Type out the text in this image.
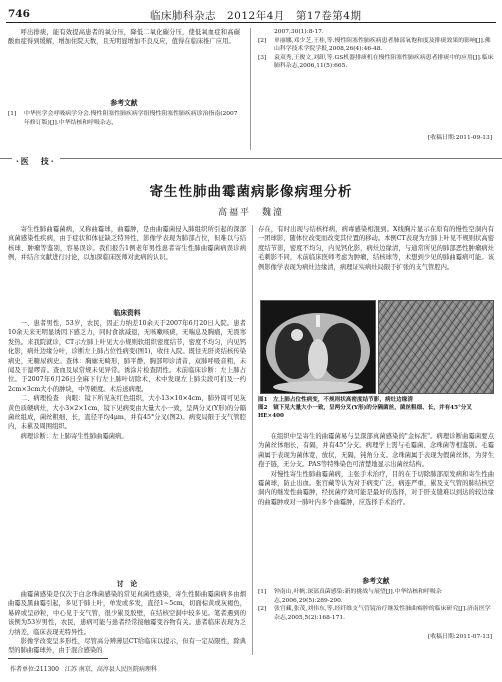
746	临床肺科杂志　2012年4月　第17卷第4期

呼出排痰，能有效提高患者的氧分压，降低二氧化碳分压，使低氧血症和高碳酸血症得到缓解，增加住院天数，且无明显增加不良反应，值得在临床推广应用。

参考文献
[1]	中华医学会呼吸病学分会.慢性阻塞性肺疾病学组慢性阻塞性肺疾病诊治指南(2007年修订版)[J].中华结核和呼吸杂志,
2007,30(1):8-17.
[2]	单丽娜,邓少芝,王桂,等.慢性阻塞性肺疾病患者肺部氧饱和度及排痰效果的影响[J].佛山科学技术学院学报,2008,26(4):46-48.
[3]	袁双秀,王俊文,刘卸,等.GS机器排痰机在慢性阻塞性肺疾病患者排痰中的应用[J].临床肺科杂志,2006,11(5):665.
[收稿日期:2011-09-13]
·医　技·
寄生性肺曲霉菌病影像病理分析
高福平　魏潼

寄生性肺曲霉菌病，又称曲霉球，曲霉肿，是由曲霉菌侵入肺组织所引起的深部真菌感染性疾病，由于症状和体征缺乏特异性，影像学表现为肺部占位，但难以与结核球、肿瘤等鉴别，容易误诊。我们报告1例老年男性患者寄生性肺曲霉菌病误诊病例，并结合文献进行讨论，以加深临床医师对此病的认识。

临床资料

一、患者男性，53岁，农民，因正力纳差10余天于2007年6月20日入院。患者10余天来无明显诱因下感乏力，同时食欲减退，无咳嗽咳痰，无喘息及胸痛，无畏寒发热。来我院就诊，CT示左肺上叶见大小规则软组织密度结节，密度不均匀，内见钙化影，病灶边缘分叶，诊断左上肺占位性病变(图1)，收住入院。既往无肝炎结核传染病史，无糖尿病史。查体：胸廓无畸形，肺平静，胸部叩诊清音，双肺呼吸音粗，未闻及干湿啰音。查血及尿常规未见异常。诱涂片检查阴性。术前临床诊断：左上肺占位。于2007年6月26日全麻下行左上肺叶切除术，术中发现左上肺尖段可扪及一约2cm×3cm大小的肿块，中等硬度。术后送病理。

二、病理检查　肉眼：镜下所见灰红色组织，大小13×10×4cm，肺外周可见灰黄色质硬病灶，大小3×2×1cm，镜下见病变由大量大小一致，呈两分叉(Y形)的分隔菌丝组成，菌丝粗细、长，直径平均4μm，并有45°分叉(图2)。病变局限于支气管腔内，未累及周围组织。

病理诊断：左上肺寄生性肺曲霉菌病。

讨　论

曲霉菌感染是仅次于白念珠菌感染的常见真菌性感染，寄生性肺曲霉菌病多由烟曲霉及黑曲霉引起，多见于肺上叶，单发或多发，直径1~5cm，切面棕黄或灰褐色，易碎或呈砂粒，中心见于支气管，很少累及胶壁，在结核空洞中较多见。笔者遇到的该例为53岁男性，农民，患病可能与患者经常接触霉变谷物有关。患者临床表现为乏力纳差，临床表现无特异性。

影像学改变呈多形性，尽管高分辨薄层CT给临床以提示，但有一定局限性，除典型的肺曲霉球外，由于混合感染的

存在，有时出现与结核样病，病毒感染相混到。X线胸片显示在原有的慢性空洞内有一团球影，随体位改变而改变其位置的移动。本例CT表现为左肺上叶见不规则状高密度结节影，密度不均匀，内见钙化影，病灶边缘清，与通常所见的肺部恶性肿瘤病灶毛刺影不同，术前临床医师考虑为肿瘤，结核球等，术想到少见的肺曲霉病可能。该例影像学表现为病灶边缘清，病理证实病灶局限于扩张的支气管腔内。

图1　左上肺占位性病变，不规则状高密度结节影，病灶边缘清
图2　镜下见大量大小一致，呈两分叉(Y形)的分隔菌丝，菌丝粗细、长，并有45°分叉　HE×400

在组织中呈寄生的曲霉菌易与呈深部真菌感染的"金标准"。病理诊断曲霉菌要点为菌丝体细长，有隔，并有45°分支。病理学上需与毛霉菌、念珠菌等相鉴别。毛霉菌属于表现为菌体宽，放状，无隔，钝角分支。念珠菌属于表现为假菌丝体，为芽生孢子链，无分支。PAS等特殊染色可清楚地显示出菌丝结构。

对慢性寄生性肺曲霉菌病，主张手术治疗，目的在于切除肺部原发病和寄生性曲霉菌球，防止出血。张宫藏等认为对于病变广泛，病连严重，累及支气管的肺结核空洞内的继发性曲霉肿，经抗菌疗效可能是最好的选择，对于肝支缝难以到达的较边缘的曲霉肿或对一肺叶内多个曲霉肿，应选择手术治疗。

参考文献
[1]	钟南山,叶帆.深部真菌感染:新的挑战与展望[J].中华结核和呼吸杂志,2006,29(5):289-290.
[2]	张宫藏,张茂,刘伟东,等.经纤维支气管镜治疗继发性肺曲霉肿的临床研究[J].济南医学杂志,2005,5(2):168-171.
[收稿日期:2011-07-13]
作者单位:211300　江苏 南京，高淳县人民医院病理科
